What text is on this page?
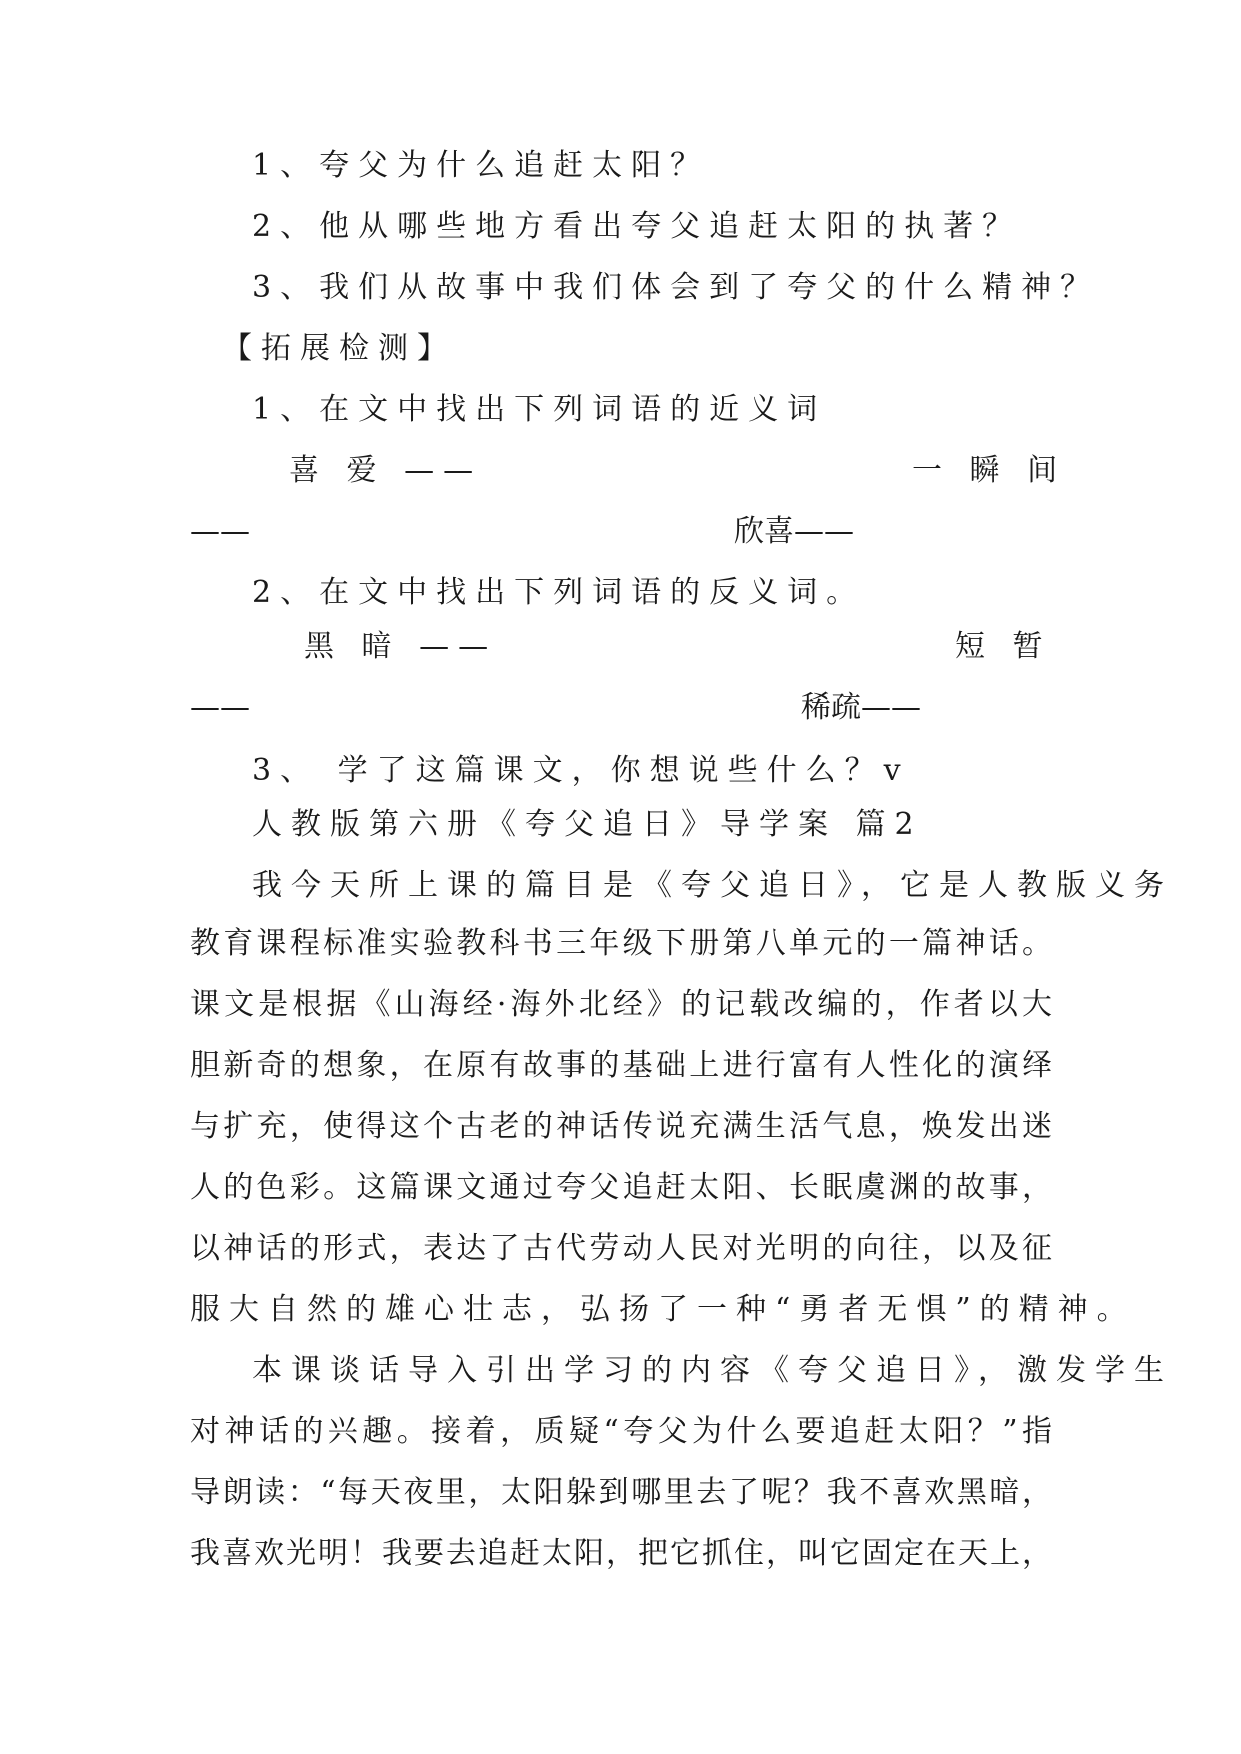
1、夸父为什么追赶太阳？
2、他从哪些地方看出夸父追赶太阳的执著？
3、我们从故事中我们体会到了夸父的什么精神？
【拓展检测】
1、在文中找出下列词语的近义词
喜 爱 ——	一 瞬 间
——	欣喜——
2、在文中找出下列词语的反义词。
黑 暗 ——	短 暂
——	稀疏——
3、 学了这篇课文，你想说些什么？v
人教版第六册《夸父追日》导学案 篇2
我今天所上课的篇目是《夸父追日》，它是人教版义务
教育课程标准实验教科书三年级下册第八单元的一篇神话。
课文是根据《山海经·海外北经》的记载改编的，作者以大
胆新奇的想象，在原有故事的基础上进行富有人性化的演绎
与扩充，使得这个古老的神话传说充满生活气息，焕发出迷
人的色彩。这篇课文通过夸父追赶太阳、长眠虞渊的故事，
以神话的形式，表达了古代劳动人民对光明的向往，以及征
服大自然的雄心壮志，弘扬了一种“勇者无惧”的精神。
本课谈话导入引出学习的内容《夸父追日》，激发学生
对神话的兴趣。接着，质疑“夸父为什么要追赶太阳？”指
导朗读：“每天夜里，太阳躲到哪里去了呢？我不喜欢黑暗，
我喜欢光明！我要去追赶太阳，把它抓住，叫它固定在天上，
